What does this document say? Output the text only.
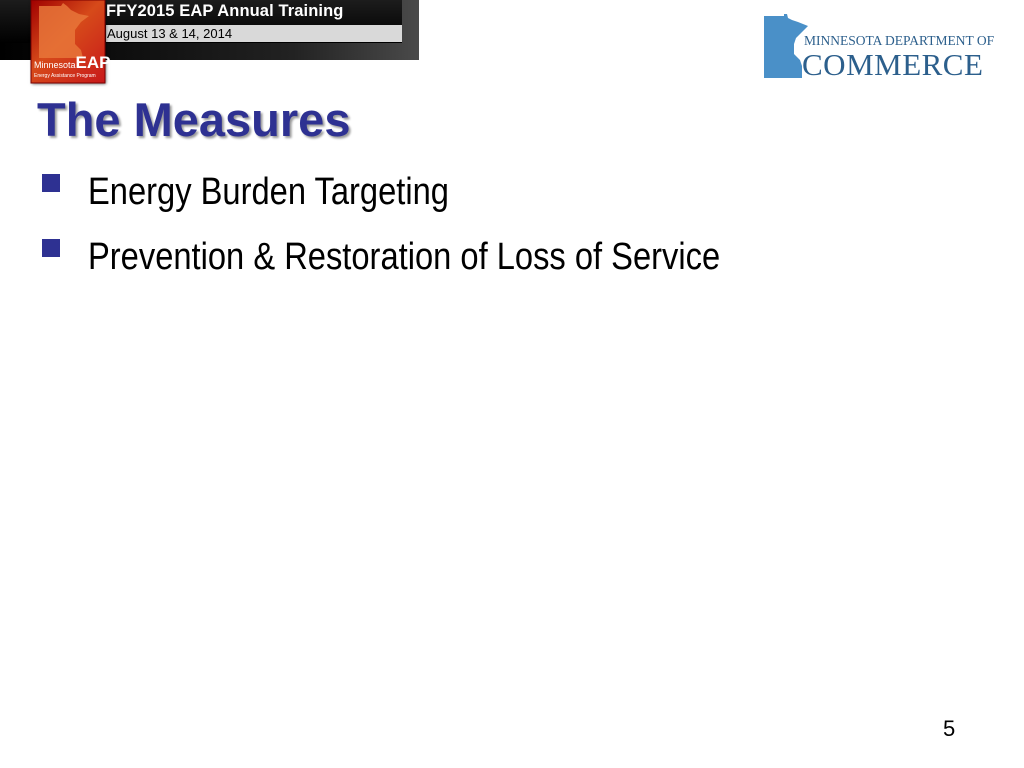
FFY2015 EAP Annual Training
August 13 & 14, 2014
MinnesotaEAP
Energy Assistance Program
MINNESOTA DEPARTMENT OF
COMMERCE
The Measures
Energy Burden Targeting
Prevention & Restoration of Loss of Service
5
